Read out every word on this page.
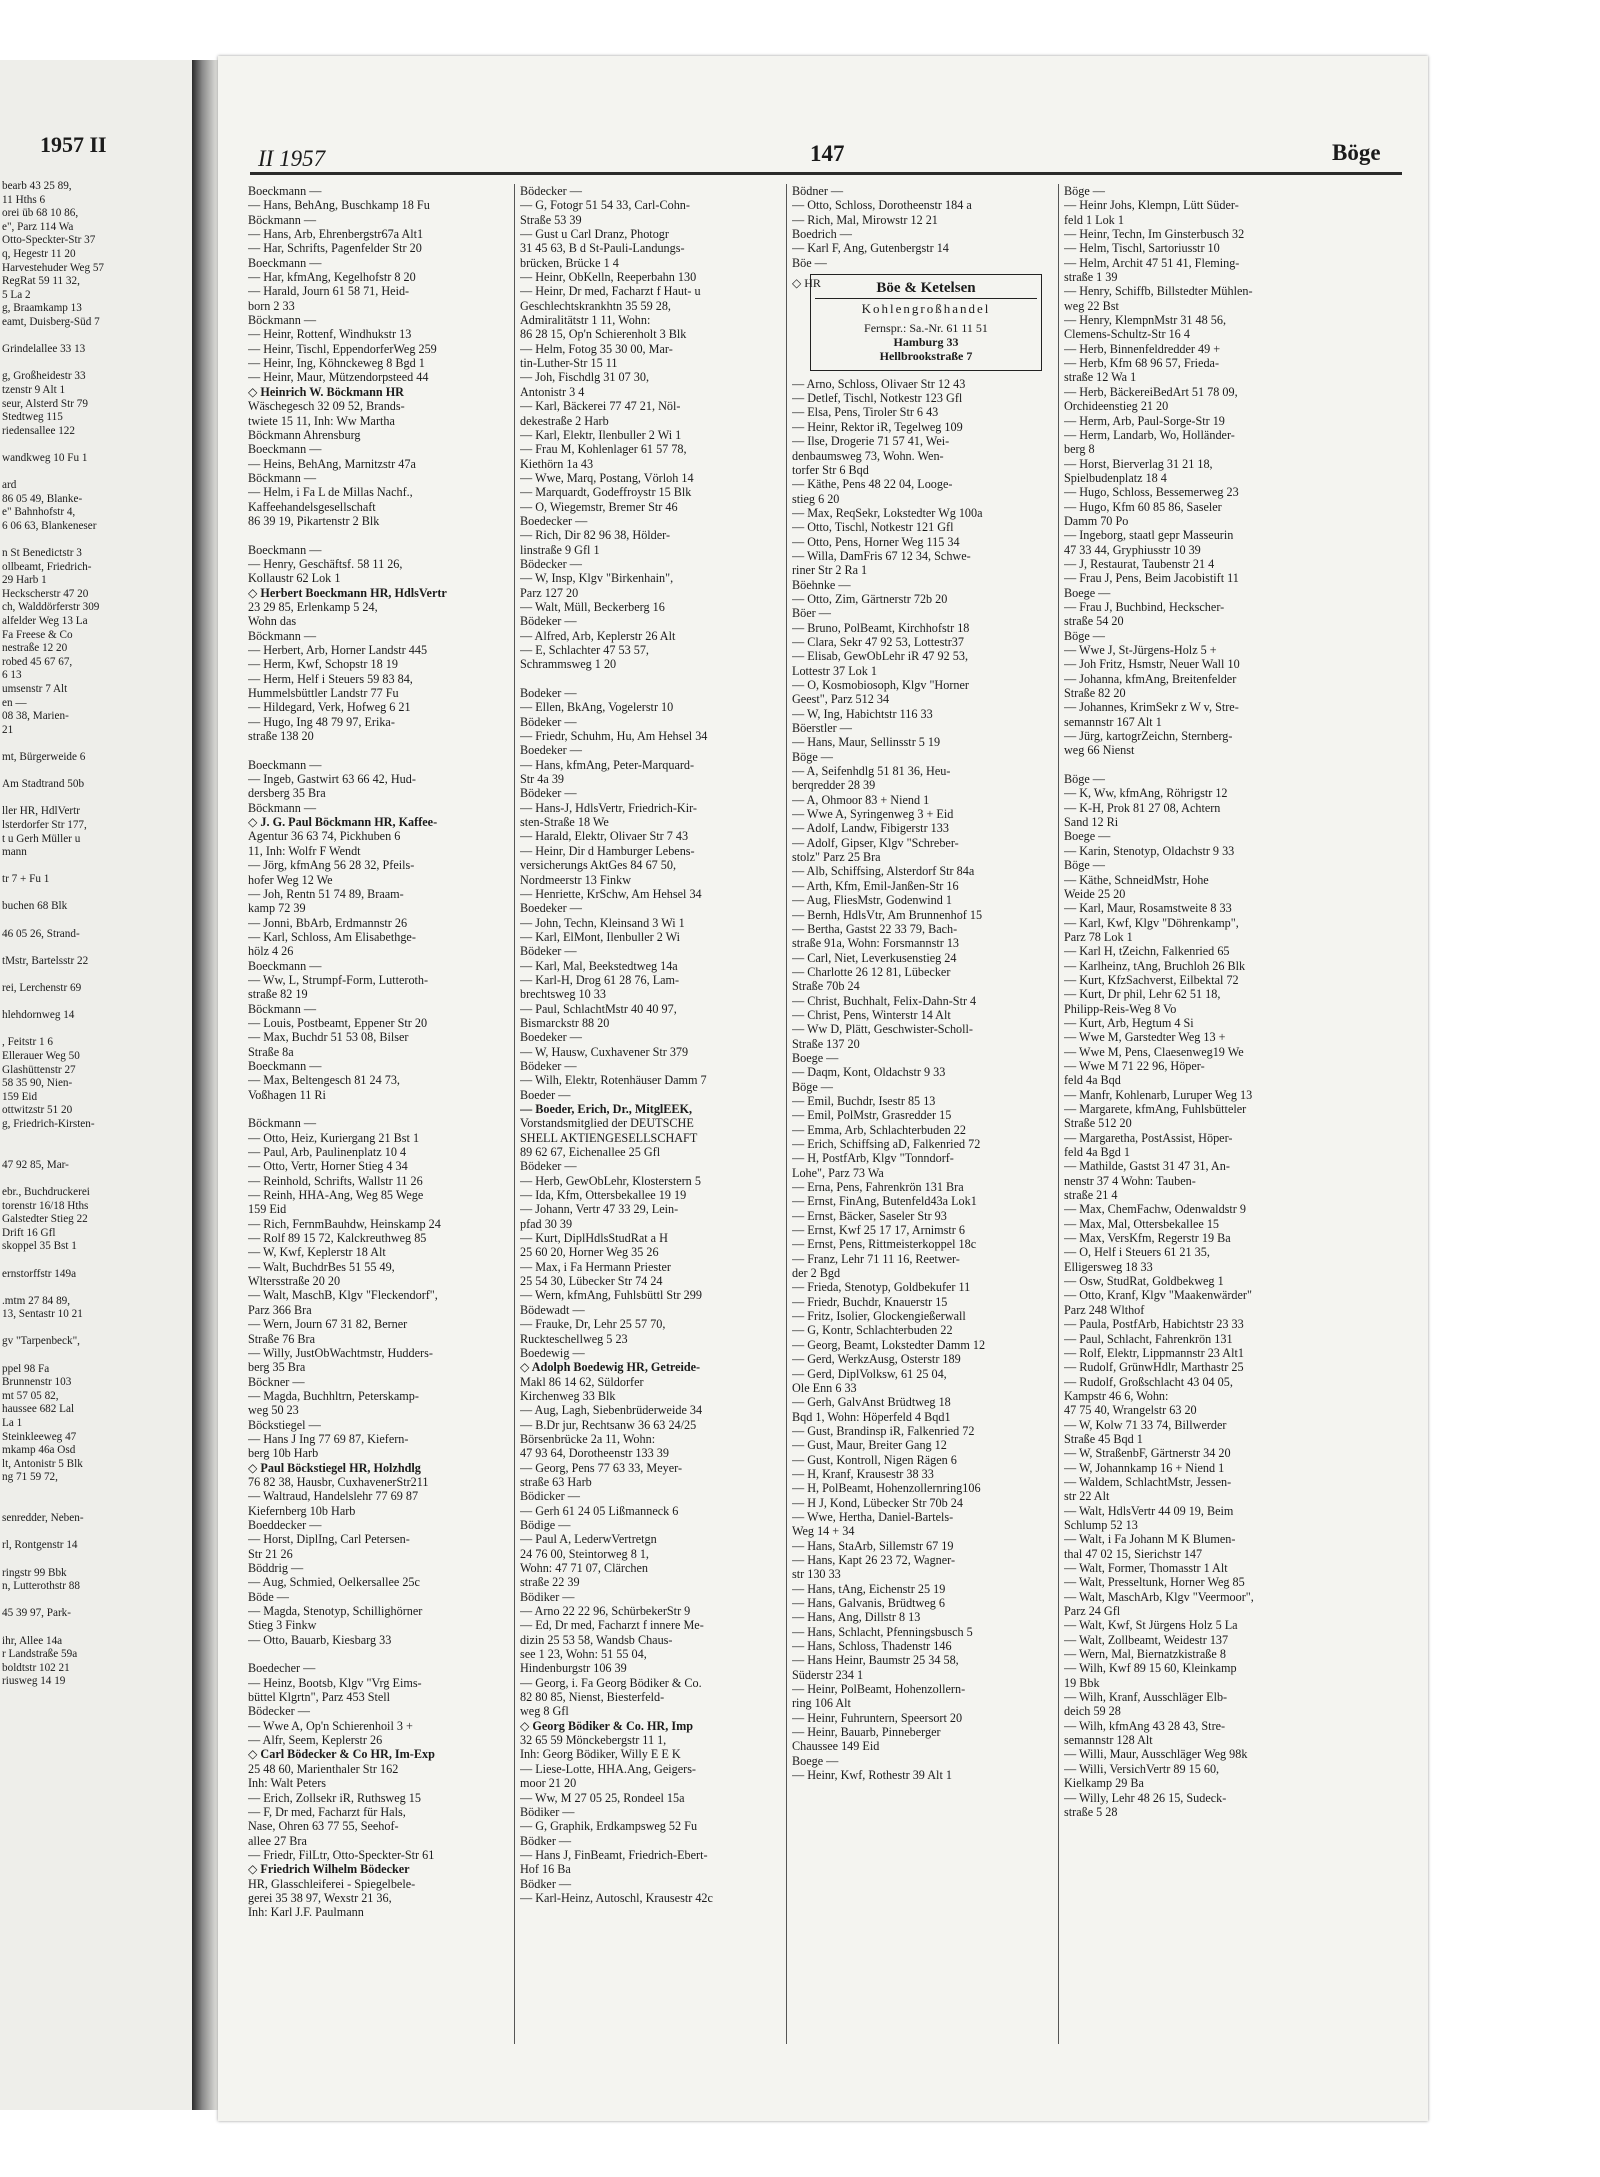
1957 II
bearb 43 25 89,
11 Hths 6
orei üb 68 10 86,
e", Parz 114 Wa
Otto-Speckter-Str 37
q, Hegestr 11 20
Harvestehuder Weg 57
RegRat 59 11 32,
5 La 2
g, Braamkamp 13
eamt, Duisberg-Süd 7

Grindelallee 33 13

g, Großheidestr 33
tzenstr 9 Alt 1
seur, Alsterd Str 79
Stedtweg 115
riedensallee 122

wandkweg 10 Fu 1

ard
86 05 49, Blanke-
e" Bahnhofstr 4,
6 06 63, Blankeneser

n St Benedictstr 3
ollbeamt, Friedrich-
29 Harb 1
Heckscherstr 47 20
ch, Walddörferstr 309
alfelder Weg 13 La
Fa Freese & Co
nestraße 12 20
robed 45 67 67,
6 13
umsenstr 7 Alt
en —
08 38, Marien-
21

mt, Bürgerweide 6

Am Stadtrand 50b

ller HR, HdlVertr
lsterdorfer Str 177,
t u Gerh Müller u
mann

tr 7 + Fu 1

buchen 68 Blk

46 05 26, Strand-

tMstr, Bartelsstr 22

rei, Lerchenstr 69

hlehdornweg 14

, Feitstr 1 6
Ellerauer Weg 50
Glashüttenstr 27
58 35 90, Nien-
159 Eid
ottwitzstr 51 20
g, Friedrich-Kirsten-

47 92 85, Mar-

ebr., Buchdruckerei
torenstr 16/18 Hths
Galstedter Stieg 22
Drift 16 Gfl
skoppel 35 Bst 1

ernstorffstr 149a

.mtm 27 84 89,
13, Sentastr 10 21

gv "Tarpenbeck",

ppel 98 Fa
Brunnenstr 103
mt 57 05 82,
haussee 682 Lal
La 1
Steinkleeweg 47
mkamp 46a Osd
lt, Antonistr 5 Blk
ng 71 59 72,

senredder, Neben-

rl, Rontgenstr 14

ringstr 99 Bbk
n, Lutterothstr 88

45 39 97, Park-

ihr, Allee 14a
r Landstraße 59a
boldtstr 102 21
riusweg 14 19
II 1957	147	Böge
Boeckmann —
— Hans, BehAng, Buschkamp 18 Fu
Böckmann —
— Hans, Arb, Ehrenbergstr67a Alt1
— Har, Schrifts, Pagenfelder Str 20
Boeckmann —
— Har, kfmAng, Kegelhofstr 8 20
— Harald, Journ 61 58 71, Heid-
born 2 33
Böckmann —
— Heinr, Rottenf, Windhukstr 13
— Heinr, Tischl, EppendorferWeg 259
— Heinr, Ing, Köhnckeweg 8 Bgd 1
— Heinr, Maur, Mützendorpsteed 44
◇ Heinrich W. Böckmann HR
Wäschegesch 32 09 52, Brands-
twiete 15 11, Inh: Ww Martha
Böckmann Ahrensburg
Boeckmann —
— Heins, BehAng, Marnitzstr 47a
Böckmann —
— Helm, i Fa L de Millas Nachf.,
Kaffeehandelsgesellschaft
86 39 19, Pikartenstr 2 Blk

Boeckmann —
— Henry, Geschäftsf. 58 11 26,
Kollaustr 62 Lok 1
◇ Herbert Boeckmann HR, HdlsVertr
23 29 85, Erlenkamp 5 24,
Wohn das
Böckmann —
— Herbert, Arb, Horner Landstr 445
— Herm, Kwf, Schopstr 18 19
— Herm, Helf i Steuers 59 83 84,
Hummelsbüttler Landstr 77 Fu
— Hildegard, Verk, Hofweg 6 21
— Hugo, Ing 48 79 97, Erika-
straße 138 20

Boeckmann —
— Ingeb, Gastwirt 63 66 42, Hud-
dersberg 35 Bra
Böckmann —
◇ J. G. Paul Böckmann HR, Kaffee-
Agentur 36 63 74, Pickhuben 6
11, Inh: Wolfr F Wendt
— Jörg, kfmAng 56 28 32, Pfeils-
hofer Weg 12 We
— Joh, Rentn 51 74 89, Braam-
kamp 72 39
— Jonni, BbArb, Erdmannstr 26
— Karl, Schloss, Am Elisabethge-
hölz 4 26
Boeckmann —
— Ww, L, Strumpf-Form, Lutteroth-
straße 82 19
Böckmann —
— Louis, Postbeamt, Eppener Str 20
— Max, Buchdr 51 53 08, Bilser
Straße 8a
Boeckmann —
— Max, Beltengesch 81 24 73,
Voßhagen 11 Ri

Böckmann —
— Otto, Heiz, Kuriergang 21 Bst 1
— Paul, Arb, Paulinenplatz 10 4
— Otto, Vertr, Horner Stieg 4 34
— Reinhold, Schrifts, Wallstr 11 26
— Reinh, HHA-Ang, Weg 85 Wege
159 Eid
— Rich, FernmBauhdw, Heinskamp 24
— Rolf 89 15 72, Kalckreuthweg 85
— W, Kwf, Keplerstr 18 Alt
— Walt, BuchdrBes 51 55 49,
Wltersstraße 20 20
— Walt, MaschB, Klgv "Fleckendorf",
Parz 366 Bra
— Wern, Journ 67 31 82, Berner
Straße 76 Bra
— Willy, JustObWachtmstr, Hudders-
berg 35 Bra
Böckner —
— Magda, Buchhltrn, Peterskamp-
weg 50 23
Böckstiegel —
— Hans J Ing 77 69 87, Kiefern-
berg 10b Harb
◇ Paul Böckstiegel HR, Holzhdlg
76 82 38, Hausbr, CuxhavenerStr211
— Waltraud, Handelslehr 77 69 87
Kiefernberg 10b Harb
Boeddecker —
— Horst, DiplIng, Carl Petersen-
Str 21 26
Böddrig —
— Aug, Schmied, Oelkersallee 25c
Böde —
— Magda, Stenotyp, Schillighörner
Stieg 3 Finkw
— Otto, Bauarb, Kiesbarg 33

Boedecher —
— Heinz, Bootsb, Klgv "Vrg Eims-
büttel Klgrtn", Parz 453 Stell
Bödecker —
— Wwe A, Op'n Schierenhoil 3 +
— Alfr, Seem, Keplerstr 26
◇ Carl Bödecker & Co HR, Im-Exp
25 48 60, Marienthaler Str 162
Inh: Walt Peters
— Erich, Zollsekr iR, Ruthsweg 15
— F, Dr med, Facharzt für Hals,
Nase, Ohren 63 77 55, Seehof-
allee 27 Bra
— Friedr, FilLtr, Otto-Speckter-Str 61
◇ Friedrich Wilhelm Bödecker
HR, Glasschleiferei - Spiegelbele-
gerei 35 38 97, Wexstr 21 36,
Inh: Karl J.F. Paulmann
Bödecker —
— G, Fotogr 51 54 33, Carl-Cohn-
Straße 53 39
— Gust u Carl Dranz, Photogr
31 45 63, B d St-Pauli-Landungs-
brücken, Brücke 1 4
— Heinr, ObKelln, Reeperbahn 130
— Heinr, Dr med, Facharzt f Haut- u
Geschlechtskrankhtn 35 59 28,
Admiralitätstr 1 11, Wohn:
86 28 15, Op'n Schierenholt 3 Blk
— Helm, Fotog 35 30 00, Mar-
tin-Luther-Str 15 11
— Joh, Fischdlg 31 07 30,
Antonistr 3 4
— Karl, Bäckerei 77 47 21, Nöl-
dekestraße 2 Harb
— Karl, Elektr, Ilenbuller 2 Wi 1
— Frau M, Kohlenlager 61 57 78,
Kiethörn 1a 43
— Wwe, Marq, Postang, Vörloh 14
— Marquardt, Godeffroystr 15 Blk
— O, Wiegemstr, Bremer Str 46
Boedecker —
— Rich, Dir 82 96 38, Hölder-
linstraße 9 Gfl 1
Bödecker —
— W, Insp, Klgv "Birkenhain",
Parz 127 20
— Walt, Müll, Beckerberg 16
Bödeker —
— Alfred, Arb, Keplerstr 26 Alt
— E, Schlachter 47 53 57,
Schrammsweg 1 20

Bodeker —
— Ellen, BkAng, Vogelerstr 10
Bödeker —
— Friedr, Schuhm, Hu, Am Hehsel 34
Boedeker —
— Hans, kfmAng, Peter-Marquard-
Str 4a 39
Bödeker —
— Hans-J, HdlsVertr, Friedrich-Kir-
sten-Straße 18 We
— Harald, Elektr, Olivaer Str 7 43
— Heinr, Dir d Hamburger Lebens-
versicherungs AktGes 84 67 50,
Nordmeerstr 13 Finkw
— Henriette, KrSchw, Am Hehsel 34
Boedeker —
— John, Techn, Kleinsand 3 Wi 1
— Karl, ElMont, Ilenbuller 2 Wi
Bödeker —
— Karl, Mal, Beekstedtweg 14a
— Karl-H, Drog 61 28 76, Lam-
brechtsweg 10 33
— Paul, SchlachtMstr 40 40 97,
Bismarckstr 88 20
Boedeker —
— W, Hausw, Cuxhavener Str 379
Bödeker —
— Wilh, Elektr, Rotenhäuser Damm 7
Boeder —
— Boeder, Erich, Dr., MitglEEK,
Vorstandsmitglied der DEUTSCHE
SHELL AKTIENGESELLSCHAFT
89 62 67, Eichenallee 25 Gfl
Bödeker —
— Herb, GewObLehr, Klosterstern 5
— Ida, Kfm, Ottersbekallee 19 19
— Johann, Vertr 47 33 29, Lein-
pfad 30 39
— Kurt, DiplHdlsStudRat a H
25 60 20, Horner Weg 35 26
— Max, i Fa Hermann Priester
25 54 30, Lübecker Str 74 24
— Wern, kfmAng, Fuhlsbüttl Str 299
Bödewadt —
— Frauke, Dr, Lehr 25 57 70,
Ruckteschellweg 5 23
Boedewig —
◇ Adolph Boedewig HR, Getreide-
Makl 86 14 62, Süldorfer
Kirchenweg 33 Blk
— Aug, Lagh, Siebenbrüderweide 34
— B.Dr jur, Rechtsanw 36 63 24/25
Börsenbrücke 2a 11, Wohn:
47 93 64, Dorotheenstr 133 39
— Georg, Pens 77 63 33, Meyer-
straße 63 Harb
Bödicker —
— Gerh 61 24 05 Lißmanneck 6
Bödige —
— Paul A, LederwVertretgn
24 76 00, Steintorweg 8 1,
Wohn: 47 71 07, Clärchen
straße 22 39
Bödiker —
— Arno 22 22 96, SchürbekerStr 9
— Ed, Dr med, Facharzt f innere Me-
dizin 25 53 58, Wandsb Chaus-
see 1 23, Wohn: 51 55 04,
Hindenburgstr 106 39
— Georg, i. Fa Georg Bödiker & Co.
82 80 85, Nienst, Biesterfeld-
weg 8 Gfl
◇ Georg Bödiker & Co. HR, Imp
32 65 59 Mönckebergstr 11 1,
Inh: Georg Bödiker, Willy E E K
— Liese-Lotte, HHA.Ang, Geigers-
moor 21 20
— Ww, M 27 05 25, Rondeel 15a
Bödiker —
— G, Graphik, Erdkampsweg 52 Fu
Bödker —
— Hans J, FinBeamt, Friedrich-Ebert-
Hof 16 Ba
Bödker —
— Karl-Heinz, Autoschl, Krausestr 42c
Bödner —
— Otto, Schloss, Dorotheenstr 184 a
— Rich, Mal, Mirowstr 12 21
Boedrich —
— Karl F, Ang, Gutenbergstr 14
Böe —
◇ HR	Böe & Ketelsen
Kohlengroßhandel
Fernspr.: Sa.-Nr. 61 11 51
Hamburg 33
Hellbrookstraße 7
— Arno, Schloss, Olivaer Str 12 43
— Detlef, Tischl, Notkestr 123 Gfl
— Elsa, Pens, Tiroler Str 6 43
— Heinr, Rektor iR, Tegelweg 109
— Ilse, Drogerie 71 57 41, Wei-
denbaumsweg 73, Wohn. Wen-
torfer Str 6 Bqd
— Käthe, Pens 48 22 04, Looge-
stieg 6 20
— Max, ReqSekr, Lokstedter Wg 100a
— Otto, Tischl, Notkestr 121 Gfl
— Otto, Pens, Horner Weg 115 34
— Willa, DamFris 67 12 34, Schwe-
riner Str 2 Ra 1
Böehnke —
— Otto, Zim, Gärtnerstr 72b 20
Böer —
— Bruno, PolBeamt, Kirchhofstr 18
— Clara, Sekr 47 92 53, Lottestr37
— Elisab, GewObLehr iR 47 92 53,
Lottestr 37 Lok 1
— O, Kosmobiosoph, Klgv "Horner
Geest", Parz 512 34
— W, Ing, Habichtstr 116 33
Böerstler —
— Hans, Maur, Sellinsstr 5 19
Böge —
— A, Seifenhdlg 51 81 36, Heu-
berqredder 28 39
— A, Ohmoor 83 + Niend 1
— Wwe A, Syringenweg 3 + Eid
— Adolf, Landw, Fibigerstr 133
— Adolf, Gipser, Klgv "Schreber-
stolz" Parz 25 Bra
— Alb, Schiffsing, Alsterdorf Str 84a
— Arth, Kfm, Emil-Janßen-Str 16
— Aug, FliesMstr, Godenwind 1
— Bernh, HdlsVtr, Am Brunnenhof 15
— Bertha, Gastst 22 33 79, Bach-
straße 91a, Wohn: Forsmannstr 13
— Carl, Niet, Leverkusenstieg 24
— Charlotte 26 12 81, Lübecker
Straße 70b 24
— Christ, Buchhalt, Felix-Dahn-Str 4
— Christ, Pens, Winterstr 14 Alt
— Ww D, Plätt, Geschwister-Scholl-
Straße 137 20
Boege —
— Daqm, Kont, Oldachstr 9 33
Böge —
— Emil, Buchdr, Isestr 85 13
— Emil, PolMstr, Grasredder 15
— Emma, Arb, Schlachterbuden 22
— Erich, Schiffsing aD, Falkenried 72
— H, PostfArb, Klgv "Tonndorf-
Lohe", Parz 73 Wa
— Erna, Pens, Fahrenkrön 131 Bra
— Ernst, FinAng, Butenfeld43a Lok1
— Ernst, Bäcker, Saseler Str 93
— Ernst, Kwf 25 17 17, Arnimstr 6
— Ernst, Pens, Rittmeisterkoppel 18c
— Franz, Lehr 71 11 16, Reetwer-
der 2 Bgd
— Frieda, Stenotyp, Goldbekufer 11
— Friedr, Buchdr, Knauerstr 15
— Fritz, Isolier, Glockengießerwall
— G, Kontr, Schlachterbuden 22
— Georg, Beamt, Lokstedter Damm 12
— Gerd, WerkzAusg, Osterstr 189
— Gerd, DiplVolksw, 61 25 04,
Ole Enn 6 33
— Gerh, GalvAnst Brüdtweg 18
Bqd 1, Wohn: Höperfeld 4 Bqd1
— Gust, Brandinsp iR, Falkenried 72
— Gust, Maur, Breiter Gang 12
— Gust, Kontroll, Nigen Rägen 6
— H, Kranf, Krausestr 38 33
— H, PolBeamt, Hohenzollernring106
— H J, Kond, Lübecker Str 70b 24
— Wwe, Hertha, Daniel-Bartels-
Weg 14 + 34
— Hans, StaArb, Sillemstr 67 19
— Hans, Kapt 26 23 72, Wagner-
str 130 33
— Hans, tAng, Eichenstr 25 19
— Hans, Galvanis, Brüdtweg 6
— Hans, Ang, Dillstr 8 13
— Hans, Schlacht, Pfenningsbusch 5
— Hans, Schloss, Thadenstr 146
— Hans Heinr, Baumstr 25 34 58,
Süderstr 234 1
— Heinr, PolBeamt, Hohenzollern-
ring 106 Alt
— Heinr, Fuhruntern, Speersort 20
— Heinr, Bauarb, Pinneberger
Chaussee 149 Eid
Boege —
— Heinr, Kwf, Rothestr 39 Alt 1
Böge —
— Heinr Johs, Klempn, Lütt Süder-
feld 1 Lok 1
— Heinr, Techn, Im Ginsterbusch 32
— Helm, Tischl, Sartoriusstr 10
— Helm, Archit 47 51 41, Fleming-
straße 1 39
— Henry, Schiffb, Billstedter Mühlen-
weg 22 Bst
— Henry, KlempnMstr 31 48 56,
Clemens-Schultz-Str 16 4
— Herb, Binnenfeldredder 49 +
— Herb, Kfm 68 96 57, Frieda-
straße 12 Wa 1
— Herb, BäckereiBedArt 51 78 09,
Orchideenstieg 21 20
— Herm, Arb, Paul-Sorge-Str 19
— Herm, Landarb, Wo, Holländer-
berg 8
— Horst, Bierverlag 31 21 18,
Spielbudenplatz 18 4
— Hugo, Schloss, Bessemerweg 23
— Hugo, Kfm 60 85 86, Saseler
Damm 70 Po
— Ingeborg, staatl gepr Masseurin
47 33 44, Gryphiusstr 10 39
— J, Restaurat, Taubenstr 21 4
— Frau J, Pens, Beim Jacobistift 11
Boege —
— Frau J, Buchbind, Heckscher-
straße 54 20
Böge —
— Wwe J, St-Jürgens-Holz 5 +
— Joh Fritz, Hsmstr, Neuer Wall 10
— Johanna, kfmAng, Breitenfelder
Straße 82 20
— Johannes, KrimSekr z W v, Stre-
semannstr 167 Alt 1
— Jürg, kartogrZeichn, Sternberg-
weg 66 Nienst

Böge —
— K, Ww, kfmAng, Röhrigstr 12
— K-H, Prok 81 27 08, Achtern
Sand 12 Ri
Boege —
— Karin, Stenotyp, Oldachstr 9 33
Böge —
— Käthe, SchneidMstr, Hohe
Weide 25 20
— Karl, Maur, Rosamstweite 8 33
— Karl, Kwf, Klgv "Döhrenkamp",
Parz 78 Lok 1
— Karl H, tZeichn, Falkenried 65
— Karlheinz, tAng, Bruchloh 26 Blk
— Kurt, KfzSachverst, Eilbektal 72
— Kurt, Dr phil, Lehr 62 51 18,
Philipp-Reis-Weg 8 Vo
— Kurt, Arb, Hegtum 4 Si
— Wwe M, Garstedter Weg 13 +
— Wwe M, Pens, Claesenweg19 We
— Wwe M 71 22 96, Höper-
feld 4a Bqd
— Manfr, Kohlenarb, Luruper Weg 13
— Margarete, kfmAng, Fuhlsbütteler
Straße 512 20
— Margaretha, PostAssist, Höper-
feld 4a Bgd 1
— Mathilde, Gastst 31 47 31, An-
nenstr 37 4 Wohn: Tauben-
straße 21 4
— Max, ChemFachw, Odenwaldstr 9
— Max, Mal, Ottersbekallee 15
— Max, VersKfm, Regerstr 19 Ba
— O, Helf i Steuers 61 21 35,
Elligersweg 18 33
— Osw, StudRat, Goldbekweg 1
— Otto, Kranf, Klgv "Maakenwärder"
Parz 248 Wlthof
— Paula, PostfArb, Habichtstr 23 33
— Paul, Schlacht, Fahrenkrön 131
— Rolf, Elektr, Lippmannstr 23 Alt1
— Rudolf, GrünwHdlr, Marthastr 25
— Rudolf, Großschlacht 43 04 05,
Kampstr 46 6, Wohn:
47 75 40, Wrangelstr 63 20
— W, Kolw 71 33 74, Billwerder
Straße 45 Bqd 1
— W, StraßenbF, Gärtnerstr 34 20
— W, Johannkamp 16 + Niend 1
— Waldem, SchlachtMstr, Jessen-
str 22 Alt
— Walt, HdlsVertr 44 09 19, Beim
Schlump 52 13
— Walt, i Fa Johann M K Blumen-
thal 47 02 15, Sierichstr 147
— Walt, Former, Thomasstr 1 Alt
— Walt, Presseltunk, Horner Weg 85
— Walt, MaschArb, Klgv "Veermoor",
Parz 24 Gfl
— Walt, Kwf, St Jürgens Holz 5 La
— Walt, Zollbeamt, Weidestr 137
— Wern, Mal, Biernatzkistraße 8
— Wilh, Kwf 89 15 60, Kleinkamp
19 Bbk
— Wilh, Kranf, Ausschläger Elb-
deich 59 28
— Wilh, kfmAng 43 28 43, Stre-
semannstr 128 Alt
— Willi, Maur, Ausschläger Weg 98k
— Willi, VersichVertr 89 15 60,
Kielkamp 29 Ba
— Willy, Lehr 48 26 15, Sudeck-
straße 5 28
